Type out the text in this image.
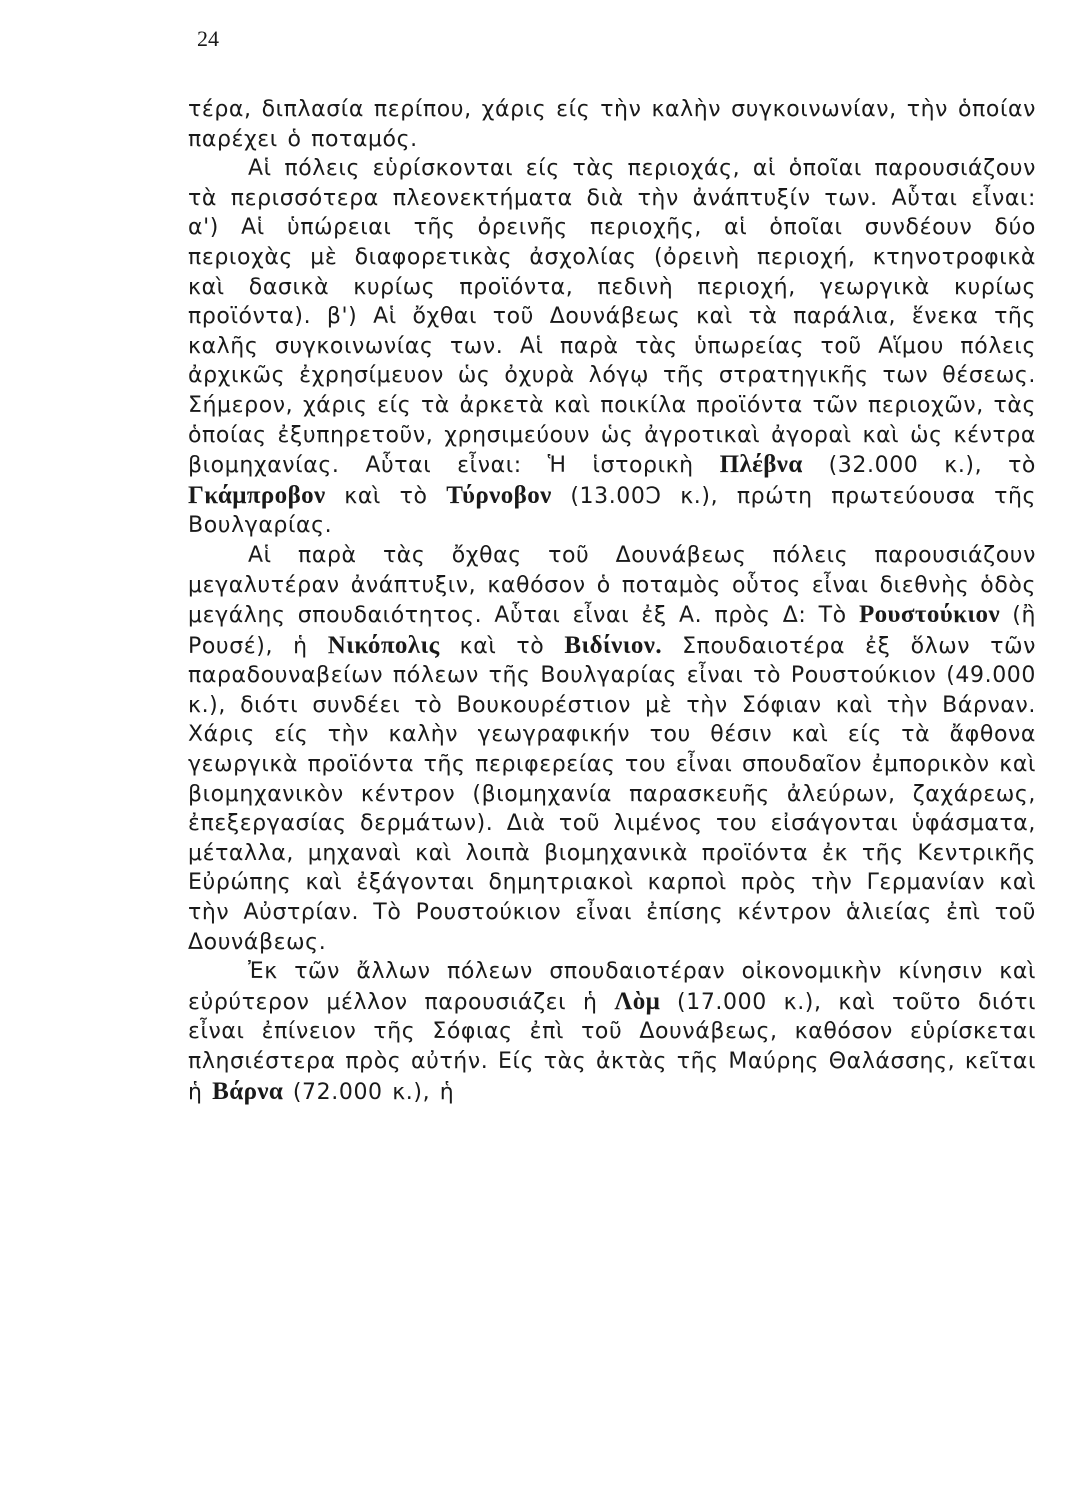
24

τέρα, διπλασία περίπου, χάρις είς τὴν καλὴν συγκοινωνίαν, τὴν ὁποίαν παρέχει ὁ ποταμός.

Αἱ πόλεις εὑρίσκονται είς τὰς περιοχάς, αἱ ὁποῖαι παρουσιάζουν τὰ περισσότερα πλεονεκτήματα διὰ τὴν ἀνάπτυξίν των. Αὗται εἶναι: α') Αἱ ὑπώρειαι τῆς ὀρεινῆς περιοχῆς, αἱ ὁποῖαι συνδέουν δύο περιοχὰς μὲ διαφορετικὰς ἀσχολίας (ὀρεινὴ περιοχή, κτηνοτροφικὰ καὶ δασικὰ κυρίως προϊόντα, πεδινὴ περιοχή, γεωργικὰ κυρίως προϊόντα). β') Αἱ ὄχθαι τοῦ Δουνάβεως καὶ τὰ παράλια, ἕνεκα τῆς καλῆς συγκοινωνίας των. Αἱ παρὰ τὰς ὑπωρείας τοῦ Αἵμου πόλεις ἀρχικῶς ἐχρησίμευον ὡς ὀχυρὰ λόγῳ τῆς στρατηγικῆς των θέσεως. Σήμερον, χάρις είς τὰ ἀρκετὰ καὶ ποικίλα προϊόντα τῶν περιοχῶν, τὰς ὁποίας ἐξυπηρετοῦν, χρησιμεύουν ὡς ἀγροτικαὶ ἀγοραὶ καὶ ὡς κέντρα βιομηχανίας. Αὗται εἶναι: Ἡ ἱστορικὴ Πλέβνα (32.000 κ.), τὸ Γκάμπροβον καὶ τὸ Τύρνοβον (13.00Ͻ κ.), πρώτη πρωτεύουσα τῆς Βουλγαρίας.

Αἱ παρὰ τὰς ὄχθας τοῦ Δουνάβεως πόλεις παρουσιάζουν μεγαλυτέραν ἀνάπτυξιν, καθόσον ὁ ποταμὸς οὗτος εἶναι διεθνὴς ὁδὸς μεγάλης σπουδαιότητος. Αὗται εἶναι ἐξ Α. πρὸς Δ: Τὸ Ρουστούκιον (ἢ Ρουσέ), ἡ Νικόπολις καὶ τὸ Βιδίνιον. Σπουδαιοτέρα ἐξ ὅλων τῶν παραδουναβείων πόλεων τῆς Βουλγαρίας εἶναι τὸ Ρουστούκιον (49.000 κ.), διότι συνδέει τὸ Βουκουρέστιον μὲ τὴν Σόφιαν καὶ τὴν Βάρναν. Χάρις είς τὴν καλὴν γεωγραφικήν του θέσιν καὶ είς τὰ ἄφθονα γεωργικὰ προϊόντα τῆς περιφερείας του εἶναι σπουδαῖον ἐμπορικὸν καὶ βιομηχανικὸν κέντρον (βιομηχανία παρασκευῆς ἀλεύρων, ζαχάρεως, ἐπεξεργασίας δερμάτων). Διὰ τοῦ λιμένος του εἰσάγονται ὑφάσματα, μέταλλα, μηχαναὶ καὶ λοιπὰ βιομηχανικὰ προϊόντα ἐκ τῆς Κεντρικῆς Εὐρώπης καὶ ἐξάγονται δημητριακοὶ καρποὶ πρὸς τὴν Γερμανίαν καὶ τὴν Αὐστρίαν. Τὸ Ρουστούκιον εἶναι ἐπίσης κέντρον ἁλιείας ἐπὶ τοῦ Δουνάβεως.

Ἐκ τῶν ἄλλων πόλεων σπουδαιοτέραν οἰκονομικὴν κίνησιν καὶ εὐρύτερον μέλλον παρουσιάζει ἡ Λὸμ (17.000 κ.), καὶ τοῦτο διότι εἶναι ἐπίνειον τῆς Σόφιας ἐπὶ τοῦ Δουνάβεως, καθόσον εὑρίσκεται πλησιέστερα πρὸς αὐτήν. Είς τὰς ἀκτὰς τῆς Μαύρης Θαλάσσης, κεῖται ἡ Βάρνα (72.000 κ.), ἡ
